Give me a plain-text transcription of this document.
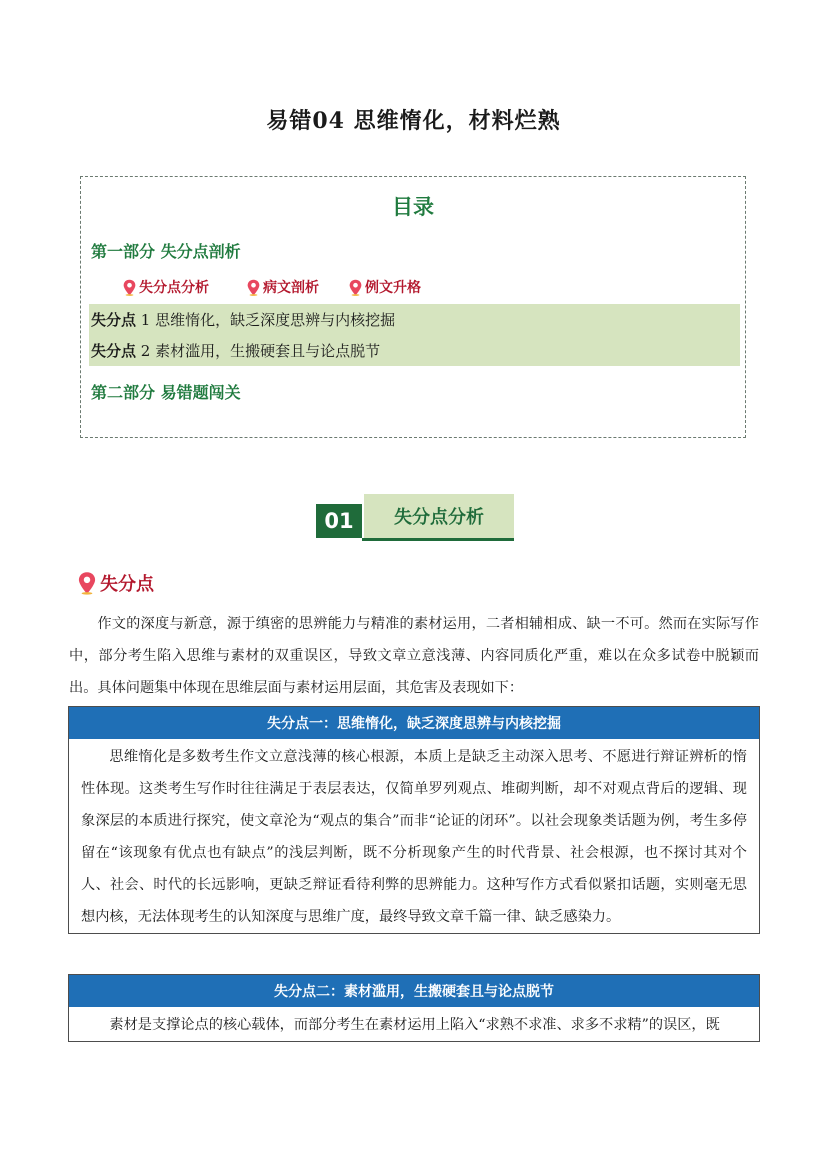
易错04 思维惰化，材料烂熟
目录
第一部分 失分点剖析
失分点分析	病文剖析	例文升格
失分点 1 思维惰化，缺乏深度思辨与内核挖掘
失分点 2 素材滥用，生搬硬套且与论点脱节
第二部分 易错题闯关
失分点分析
01
失分点
作文的深度与新意，源于缜密的思辨能力与精准的素材运用，二者相辅相成、缺一不可。然而在实际写作中，部分考生陷入思维与素材的双重误区，导致文章立意浅薄、内容同质化严重，难以在众多试卷中脱颖而出。具体问题集中体现在思维层面与素材运用层面，其危害及表现如下：
失分点一：思维惰化，缺乏深度思辨与内核挖掘
思维惰化是多数考生作文立意浅薄的核心根源，本质上是缺乏主动深入思考、不愿进行辩证辨析的惰性体现。这类考生写作时往往满足于表层表达，仅简单罗列观点、堆砌判断，却不对观点背后的逻辑、现象深层的本质进行探究，使文章沦为“观点的集合”而非“论证的闭环”。以社会现象类话题为例，考生多停留在“该现象有优点也有缺点”的浅层判断，既不分析现象产生的时代背景、社会根源，也不探讨其对个人、社会、时代的长远影响，更缺乏辩证看待利弊的思辨能力。这种写作方式看似紧扣话题，实则毫无思想内核，无法体现考生的认知深度与思维广度，最终导致文章千篇一律、缺乏感染力。
失分点二：素材滥用，生搬硬套且与论点脱节
素材是支撑论点的核心载体，而部分考生在素材运用上陷入“求熟不求准、求多不求精”的误区，既
